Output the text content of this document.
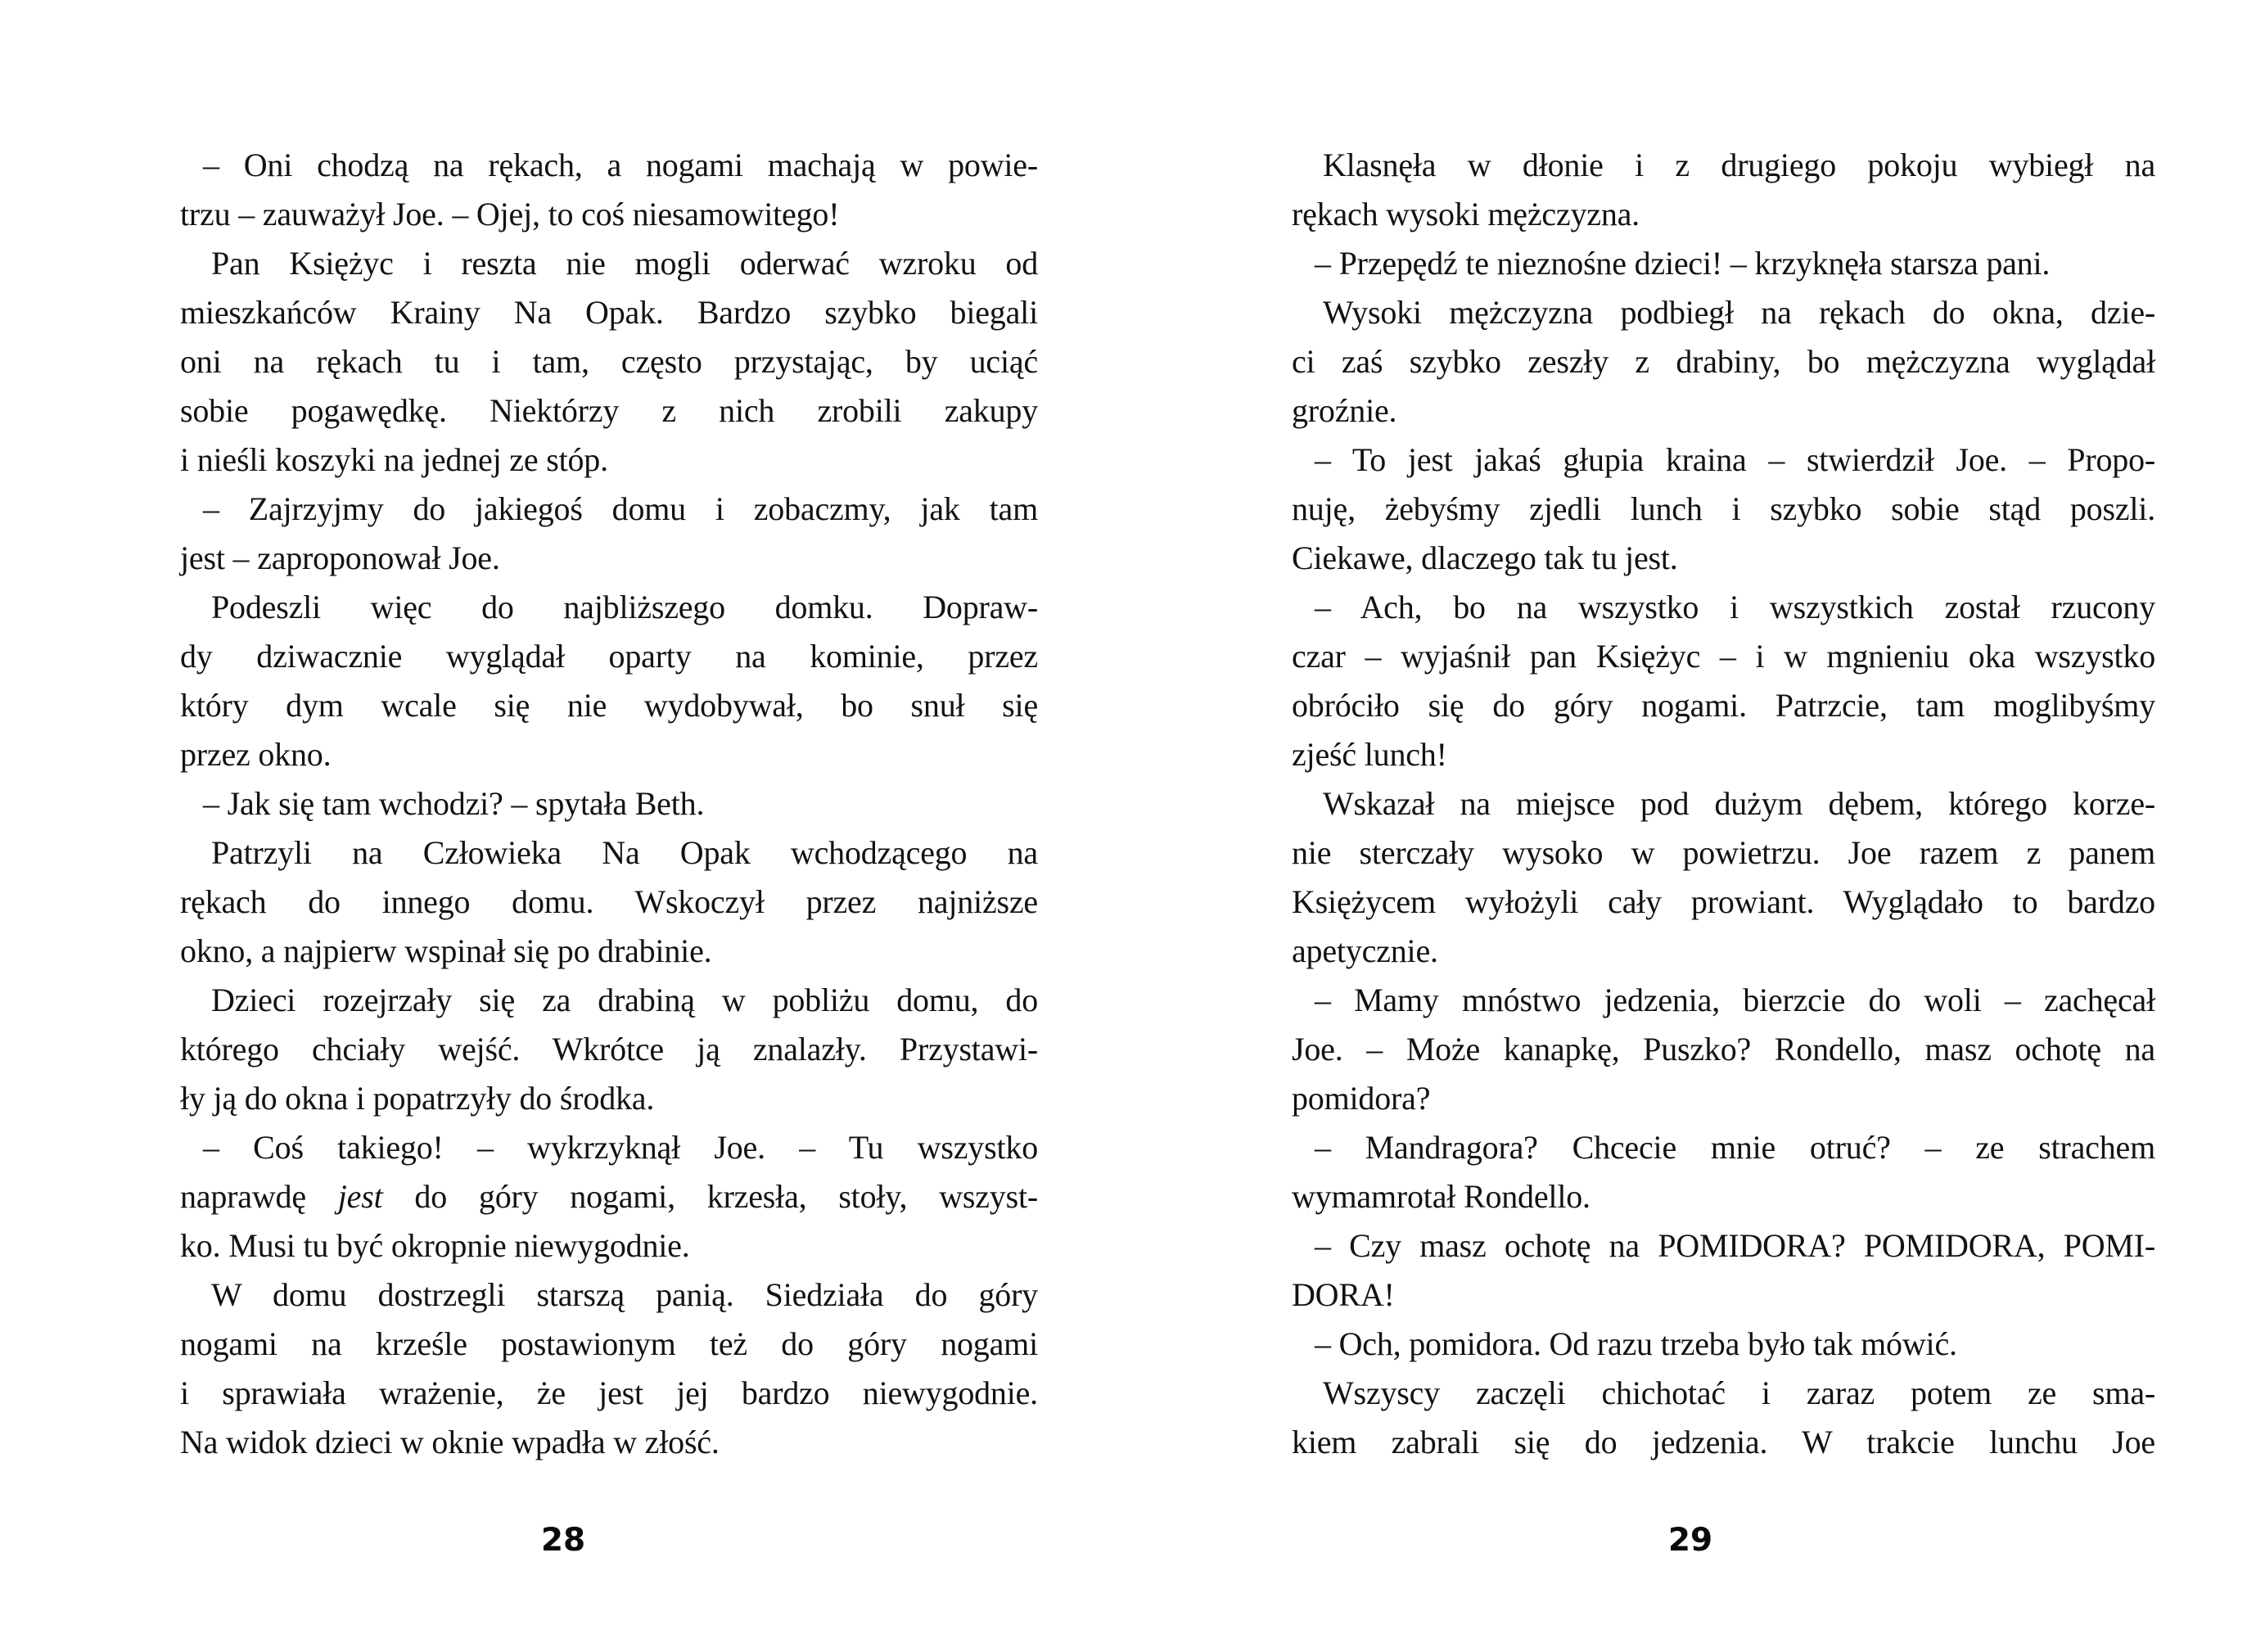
– Oni chodzą na rękach, a nogami machają w powie-
trzu – zauważył Joe. – Ojej, to coś niesamowitego!
Pan Księżyc i reszta nie mogli oderwać wzroku od
mieszkańców Krainy Na Opak. Bardzo szybko biegali
oni na rękach tu i tam, często przystając, by uciąć
sobie pogawędkę. Niektórzy z nich zrobili zakupy
i nieśli koszyki na jednej ze stóp.
– Zajrzyjmy do jakiegoś domu i zobaczmy, jak tam
jest – zaproponował Joe.
Podeszli więc do najbliższego domku. Dopraw-
dy dziwacznie wyglądał oparty na kominie, przez
który dym wcale się nie wydobywał, bo snuł się
przez okno.
– Jak się tam wchodzi? – spytała Beth.
Patrzyli na Człowieka Na Opak wchodzącego na
rękach do innego domu. Wskoczył przez najniższe
okno, a najpierw wspinał się po drabinie.
Dzieci rozejrzały się za drabiną w pobliżu domu, do
którego chciały wejść. Wkrótce ją znalazły. Przystawi-
ły ją do okna i popatrzyły do środka.
– Coś takiego! – wykrzyknął Joe. – Tu wszystko
naprawdę jest do góry nogami, krzesła, stoły, wszyst-
ko. Musi tu być okropnie niewygodnie.
W domu dostrzegli starszą panią. Siedziała do góry
nogami na krześle postawionym też do góry nogami
i sprawiała wrażenie, że jest jej bardzo niewygodnie.
Na widok dzieci w oknie wpadła w złość.
Klasnęła w dłonie i z drugiego pokoju wybiegł na
rękach wysoki mężczyzna.
– Przepędź te nieznośne dzieci! – krzyknęła starsza pani.
Wysoki mężczyzna podbiegł na rękach do okna, dzie-
ci zaś szybko zeszły z drabiny, bo mężczyzna wyglądał
groźnie.
– To jest jakaś głupia kraina – stwierdził Joe. – Propo-
nuję, żebyśmy zjedli lunch i szybko sobie stąd poszli.
Ciekawe, dlaczego tak tu jest.
– Ach, bo na wszystko i wszystkich został rzucony
czar – wyjaśnił pan Księżyc – i w mgnieniu oka wszystko
obróciło się do góry nogami. Patrzcie, tam moglibyśmy
zjeść lunch!
Wskazał na miejsce pod dużym dębem, którego korze-
nie sterczały wysoko w powietrzu. Joe razem z panem
Księżycem wyłożyli cały prowiant. Wyglądało to bardzo
apetycznie.
– Mamy mnóstwo jedzenia, bierzcie do woli – zachęcał
Joe. – Może kanapkę, Puszko? Rondello, masz ochotę na
pomidora?
– Mandragora? Chcecie mnie otruć? – ze strachem
wymamrotał Rondello.
– Czy masz ochotę na POMIDORA? POMIDORA, POMI-
DORA!
– Och, pomidora. Od razu trzeba było tak mówić.
Wszyscy zaczęli chichotać i zaraz potem ze sma-
kiem zabrali się do jedzenia. W trakcie lunchu Joe
28	29
